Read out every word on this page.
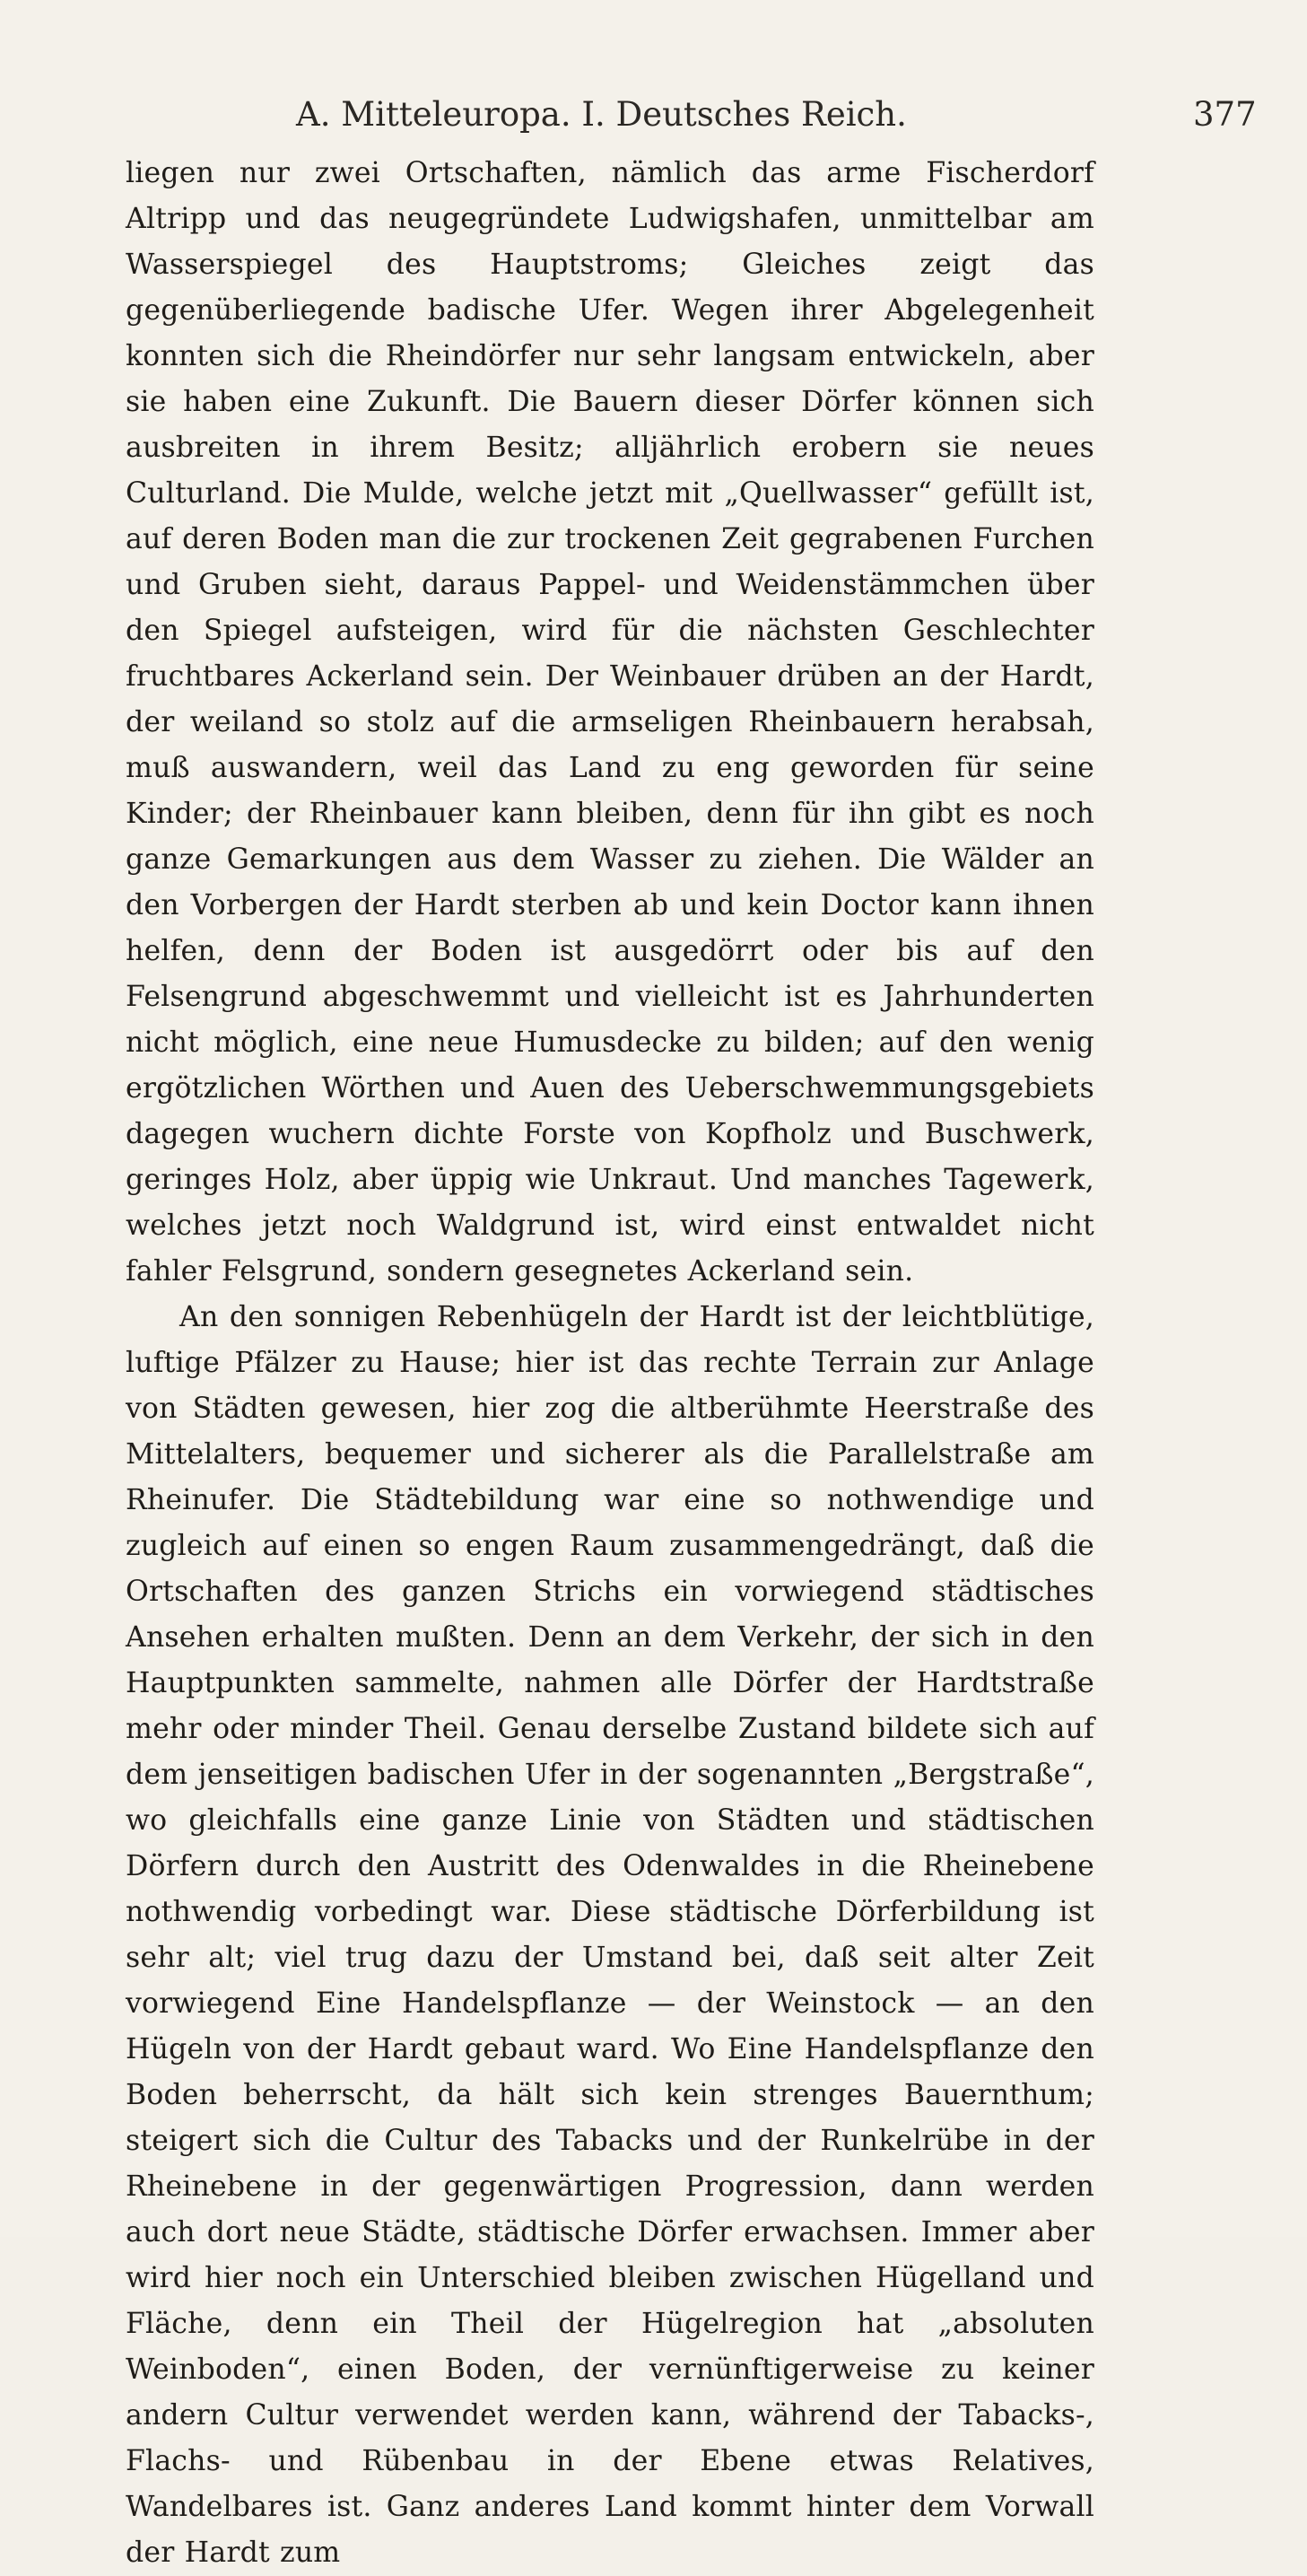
A. Mitteleuropa. I. Deutsches Reich.	377

liegen nur zwei Ortschaften, nämlich das arme Fischerdorf Altripp und das neugegründete Ludwigshafen, unmittelbar am Wasserspiegel des Hauptstroms; Gleiches zeigt das gegenüberliegende badische Ufer. Wegen ihrer Abgelegenheit konnten sich die Rheindörfer nur sehr langsam entwickeln, aber sie haben eine Zukunft. Die Bauern dieser Dörfer können sich ausbreiten in ihrem Besitz; alljährlich erobern sie neues Culturland. Die Mulde, welche jetzt mit „Quellwasser“ gefüllt ist, auf deren Boden man die zur trockenen Zeit gegrabenen Furchen und Gruben sieht, daraus Pappel- und Weidenstämmchen über den Spiegel aufsteigen, wird für die nächsten Geschlechter fruchtbares Ackerland sein. Der Weinbauer drüben an der Hardt, der weiland so stolz auf die armseligen Rheinbauern herabsah, muß auswandern, weil das Land zu eng geworden für seine Kinder; der Rheinbauer kann bleiben, denn für ihn gibt es noch ganze Gemarkungen aus dem Wasser zu ziehen. Die Wälder an den Vorbergen der Hardt sterben ab und kein Doctor kann ihnen helfen, denn der Boden ist ausgedörrt oder bis auf den Felsengrund abgeschwemmt und vielleicht ist es Jahrhunderten nicht möglich, eine neue Humusdecke zu bilden; auf den wenig ergötzlichen Wörthen und Auen des Ueberschwemmungsgebiets dagegen wuchern dichte Forste von Kopfholz und Buschwerk, geringes Holz, aber üppig wie Unkraut. Und manches Tagewerk, welches jetzt noch Waldgrund ist, wird einst entwaldet nicht fahler Felsgrund, sondern gesegnetes Ackerland sein.

An den sonnigen Rebenhügeln der Hardt ist der leichtblütige, luftige Pfälzer zu Hause; hier ist das rechte Terrain zur Anlage von Städten gewesen, hier zog die altberühmte Heerstraße des Mittelalters, bequemer und sicherer als die Parallelstraße am Rheinufer. Die Städtebildung war eine so nothwendige und zugleich auf einen so engen Raum zusammengedrängt, daß die Ortschaften des ganzen Strichs ein vorwiegend städtisches Ansehen erhalten mußten. Denn an dem Verkehr, der sich in den Hauptpunkten sammelte, nahmen alle Dörfer der Hardtstraße mehr oder minder Theil. Genau derselbe Zustand bildete sich auf dem jenseitigen badischen Ufer in der sogenannten „Bergstraße“, wo gleichfalls eine ganze Linie von Städten und städtischen Dörfern durch den Austritt des Odenwaldes in die Rheinebene nothwendig vorbedingt war. Diese städtische Dörferbildung ist sehr alt; viel trug dazu der Umstand bei, daß seit alter Zeit vorwiegend Eine Handelspflanze — der Weinstock — an den Hügeln von der Hardt gebaut ward. Wo Eine Handelspflanze den Boden beherrscht, da hält sich kein strenges Bauernthum; steigert sich die Cultur des Tabacks und der Runkelrübe in der Rheinebene in der gegenwärtigen Progression, dann werden auch dort neue Städte, städtische Dörfer erwachsen. Immer aber wird hier noch ein Unterschied bleiben zwischen Hügelland und Fläche, denn ein Theil der Hügelregion hat „absoluten Weinboden“, einen Boden, der vernünftigerweise zu keiner andern Cultur verwendet werden kann, während der Tabacks-, Flachs- und Rübenbau in der Ebene etwas Relatives, Wandelbares ist. Ganz anderes Land kommt hinter dem Vorwall der Hardt zum
